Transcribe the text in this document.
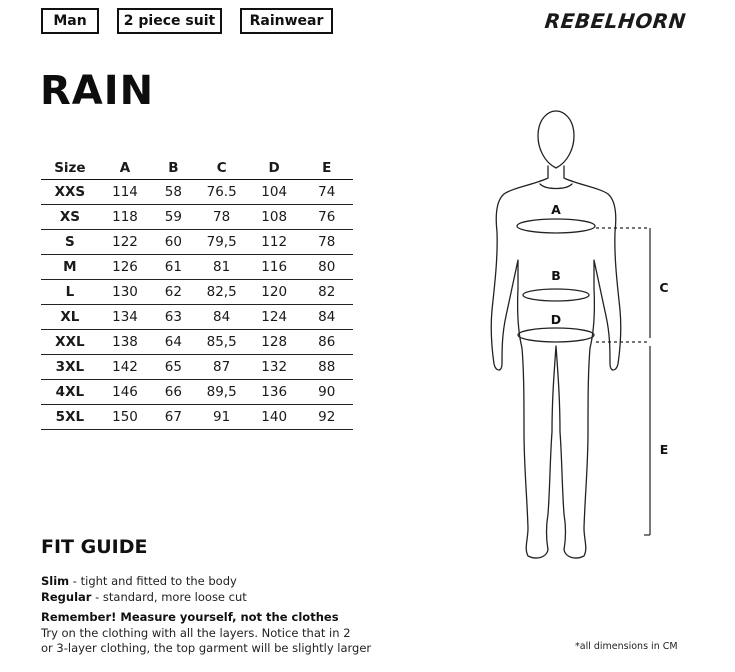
Man	2 piece suit	Rainwear	REBELHORN
RAIN
Size	A	B	C	D	E
XXS	114	58	76.5	104	74
XS	118	59	78	108	76
S	122	60	79,5	112	78
M	126	61	81	116	80
L	130	62	82,5	120	82
XL	134	63	84	124	84
XXL	138	64	85,5	128	86
3XL	142	65	87	132	88
4XL	146	66	89,5	136	90
5XL	150	67	91	140	92
A
B
C
D
E
FIT GUIDE
Slim - tight and fitted to the body
Regular - standard, more loose cut
Remember! Measure yourself, not the clothes
Try on the clothing with all the layers. Notice that in 2
or 3-layer clothing, the top garment will be slightly larger	*all dimensions in CM
